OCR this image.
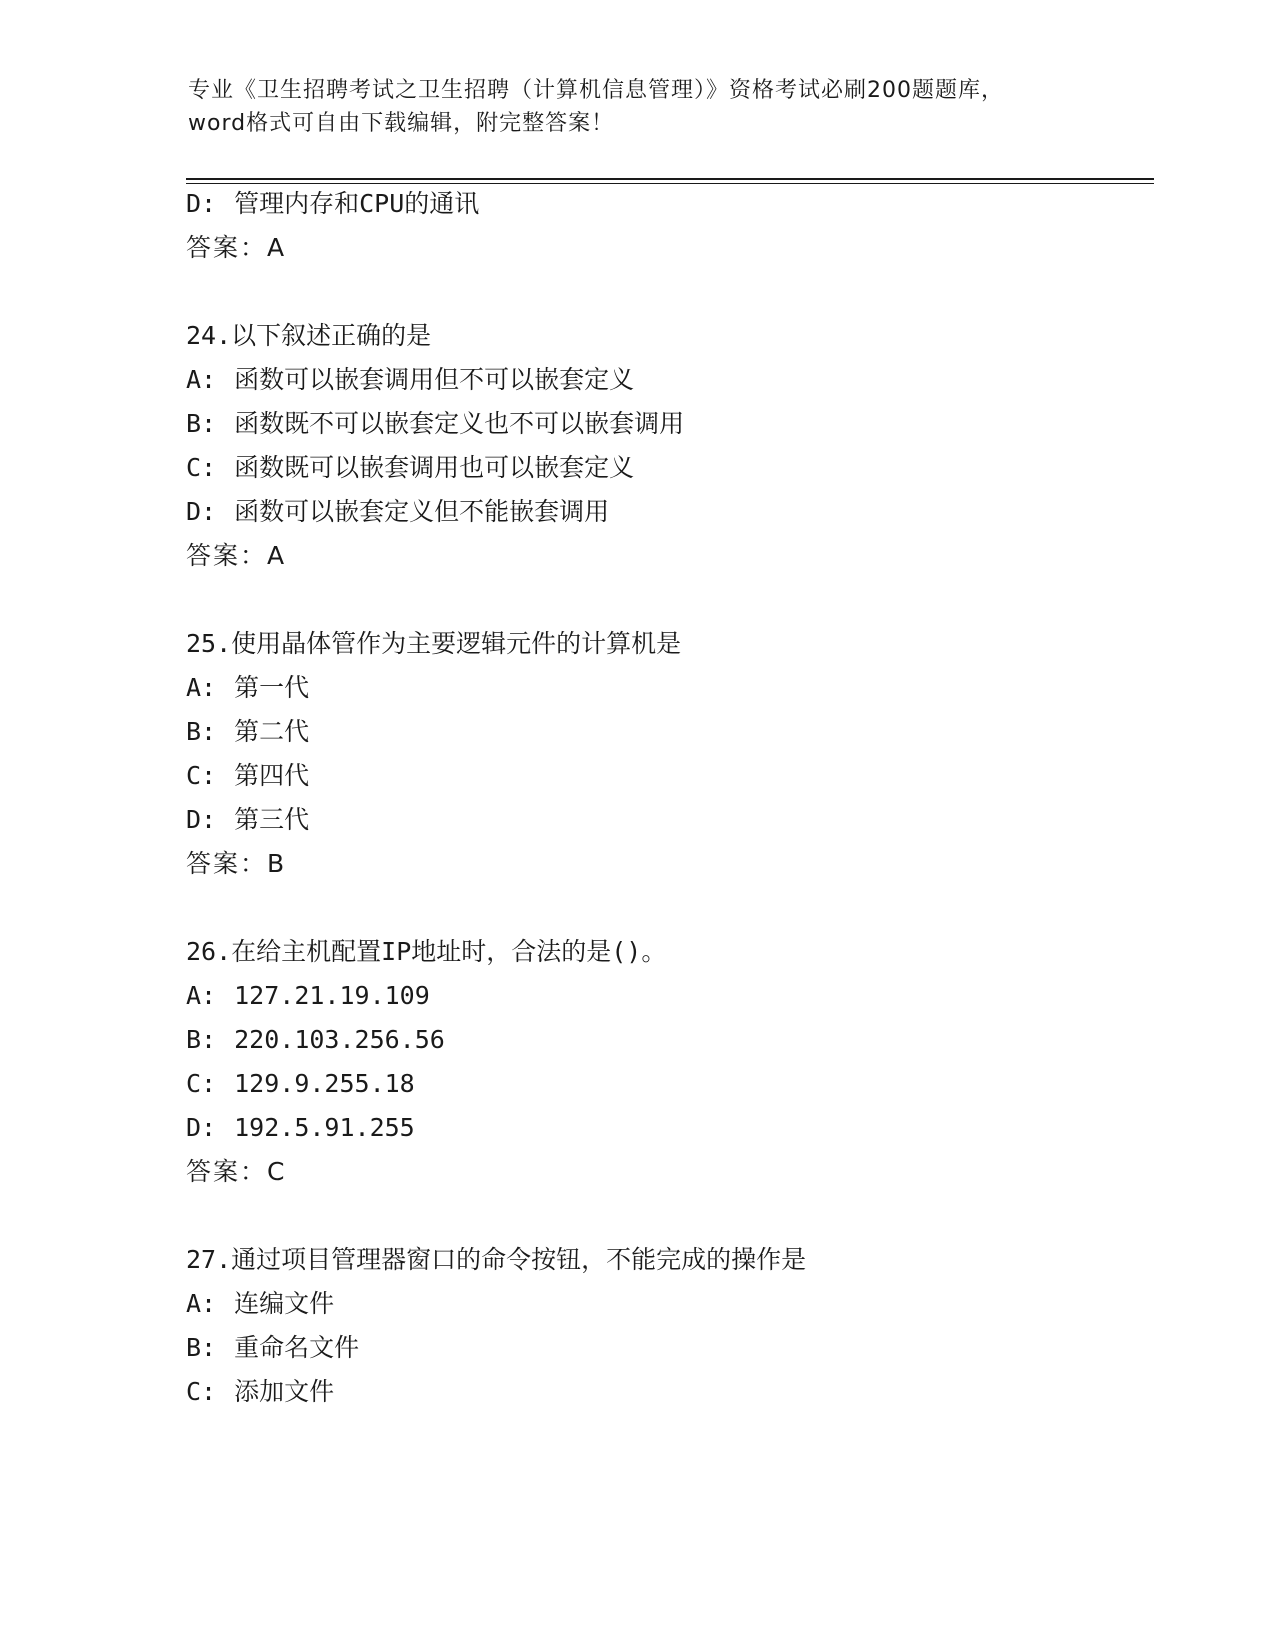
专业《卫生招聘考试之卫生招聘（计算机信息管理）》资格考试必刷200题题库，
word格式可自由下载编辑，附完整答案！
D: 管理内存和CPU的通讯
答案：A
24.以下叙述正确的是
A: 函数可以嵌套调用但不可以嵌套定义
B: 函数既不可以嵌套定义也不可以嵌套调用
C: 函数既可以嵌套调用也可以嵌套定义
D: 函数可以嵌套定义但不能嵌套调用
答案：A
25.使用晶体管作为主要逻辑元件的计算机是
A: 第一代
B: 第二代
C: 第四代
D: 第三代
答案：B
26.在给主机配置IP地址时，合法的是()。
A: 127.21.19.109
B: 220.103.256.56
C: 129.9.255.18
D: 192.5.91.255
答案：C
27.通过项目管理器窗口的命令按钮，不能完成的操作是
A: 连编文件
B: 重命名文件
C: 添加文件
